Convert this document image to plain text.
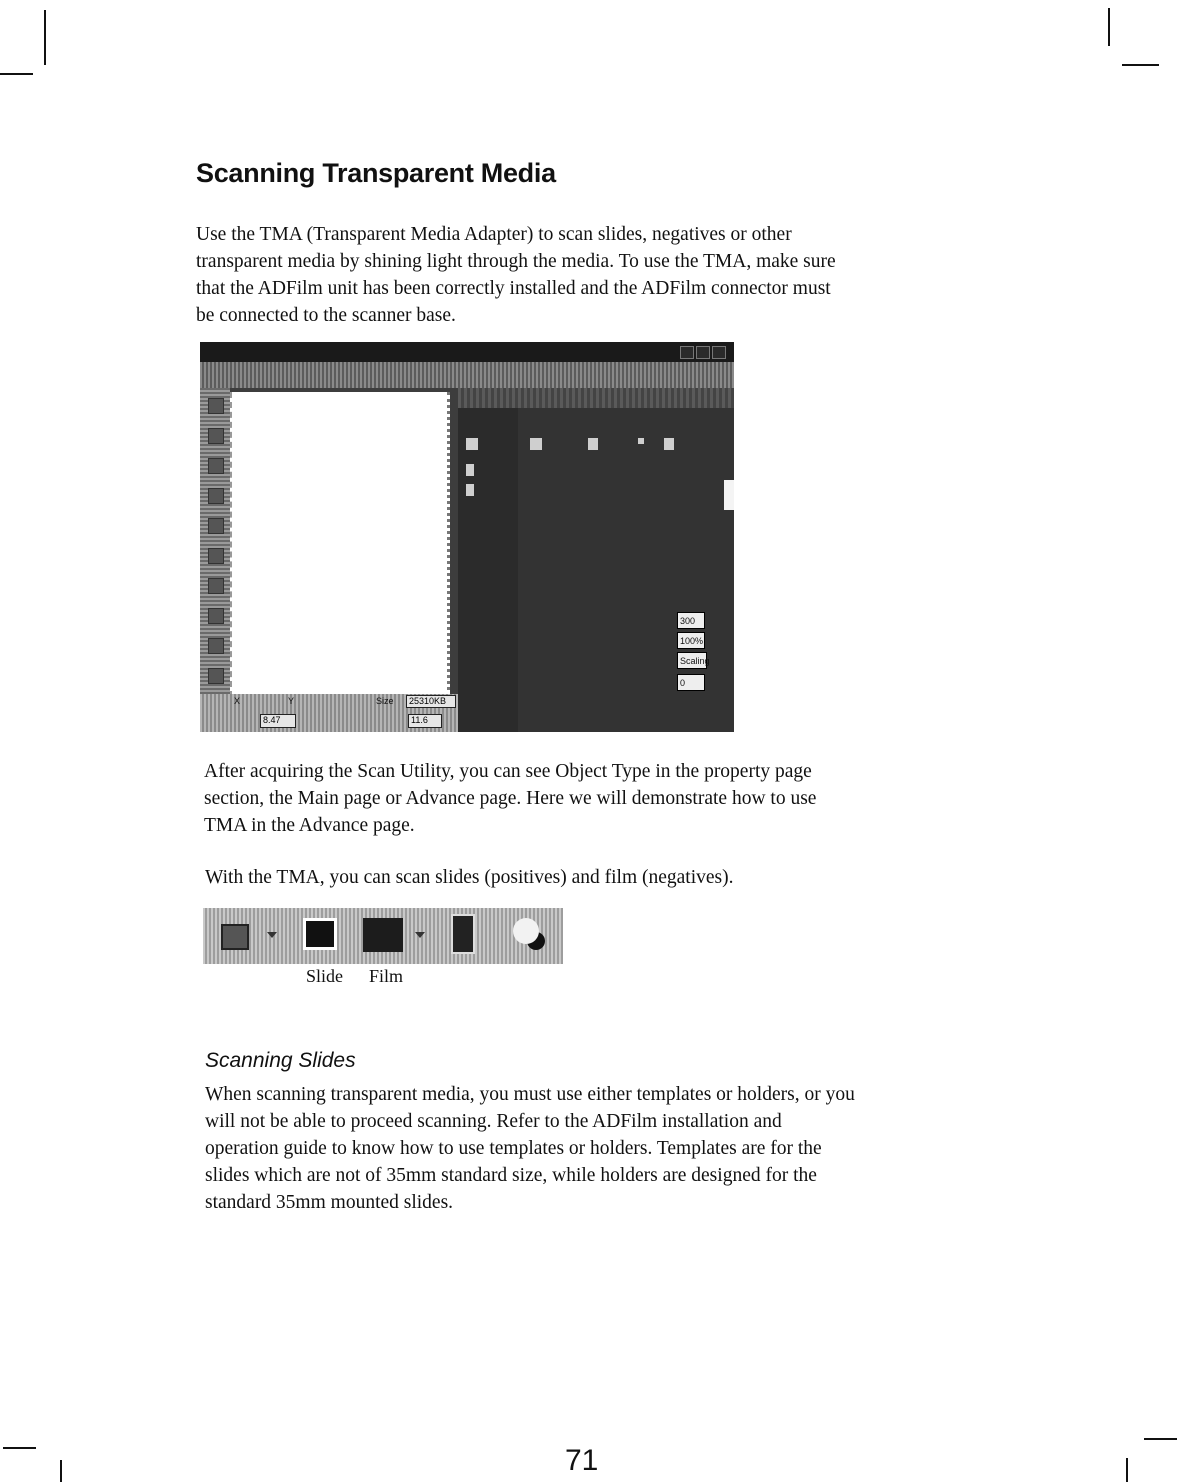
Scanning Transparent Media

Use the TMA (Transparent Media Adapter) to scan slides, negatives or other
transparent media by shining light through the media. To use the TMA, make sure
that the ADFilm unit has been correctly installed and the ADFilm connector must
be connected to the scanner base.

X	Y	Size	25310KB
8.47	11.6
300
100%
Scaling
0

After acquiring the Scan Utility, you can see Object Type in the property page
section, the Main page or Advance page. Here we will demonstrate how to use
TMA in the Advance page.

With the TMA, you can scan slides (positives) and film (negatives).

Slide Film
Scanning Slides

When scanning transparent media, you must use either templates or holders, or you
will not be able to proceed scanning. Refer to the ADFilm installation and
operation guide to know how to use templates or holders. Templates are for the
slides which are not of 35mm standard size, while holders are designed for the
standard 35mm mounted slides.

71
